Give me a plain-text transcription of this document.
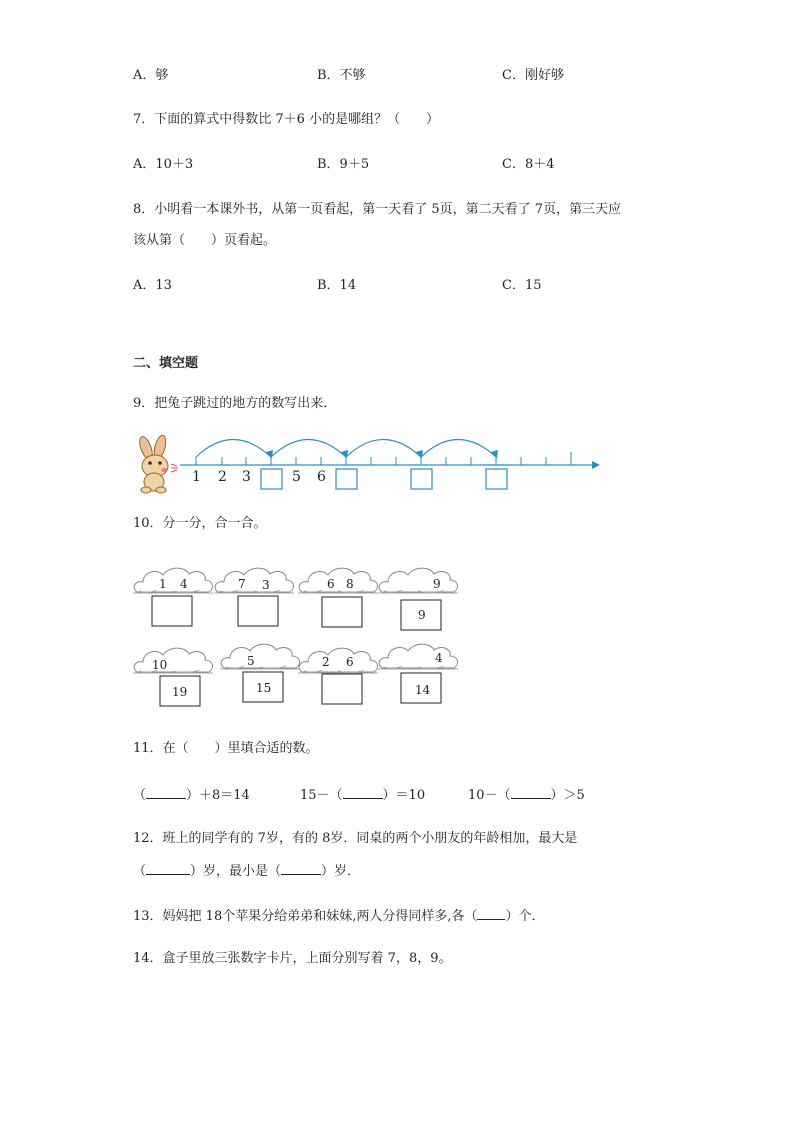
A．够	B．不够	C．刚好够
7．下面的算式中得数比 7＋6 小的是哪组？（　　）
A．10＋3	B．9＋5	C．8＋4
8．小明看一本课外书，从第一页看起，第一天看了 5页，第二天看了 7页，第三天应
该从第（　　）页看起。
A．13	B．14	C．15
二、填空题
9．把兔子跳过的地方的数写出来．
1 2 3	5 6
10．分一分，合一合。
1 4	7 3	6 8	9
9
10	5	2 6	4
19	15	14
11．在（　　）里填合适的数。
（	）＋8＝14	15－（	）＝10	10－（	）＞5
12．班上的同学有的 7岁，有的 8岁．同桌的两个小朋友的年龄相加，最大是
（	）岁，最小是（	）岁．
13．妈妈把 18个苹果分给弟弟和妹妹,两人分得同样多,各（ ）个．
14．盒子里放三张数字卡片，上面分别写着 7，8，9。
